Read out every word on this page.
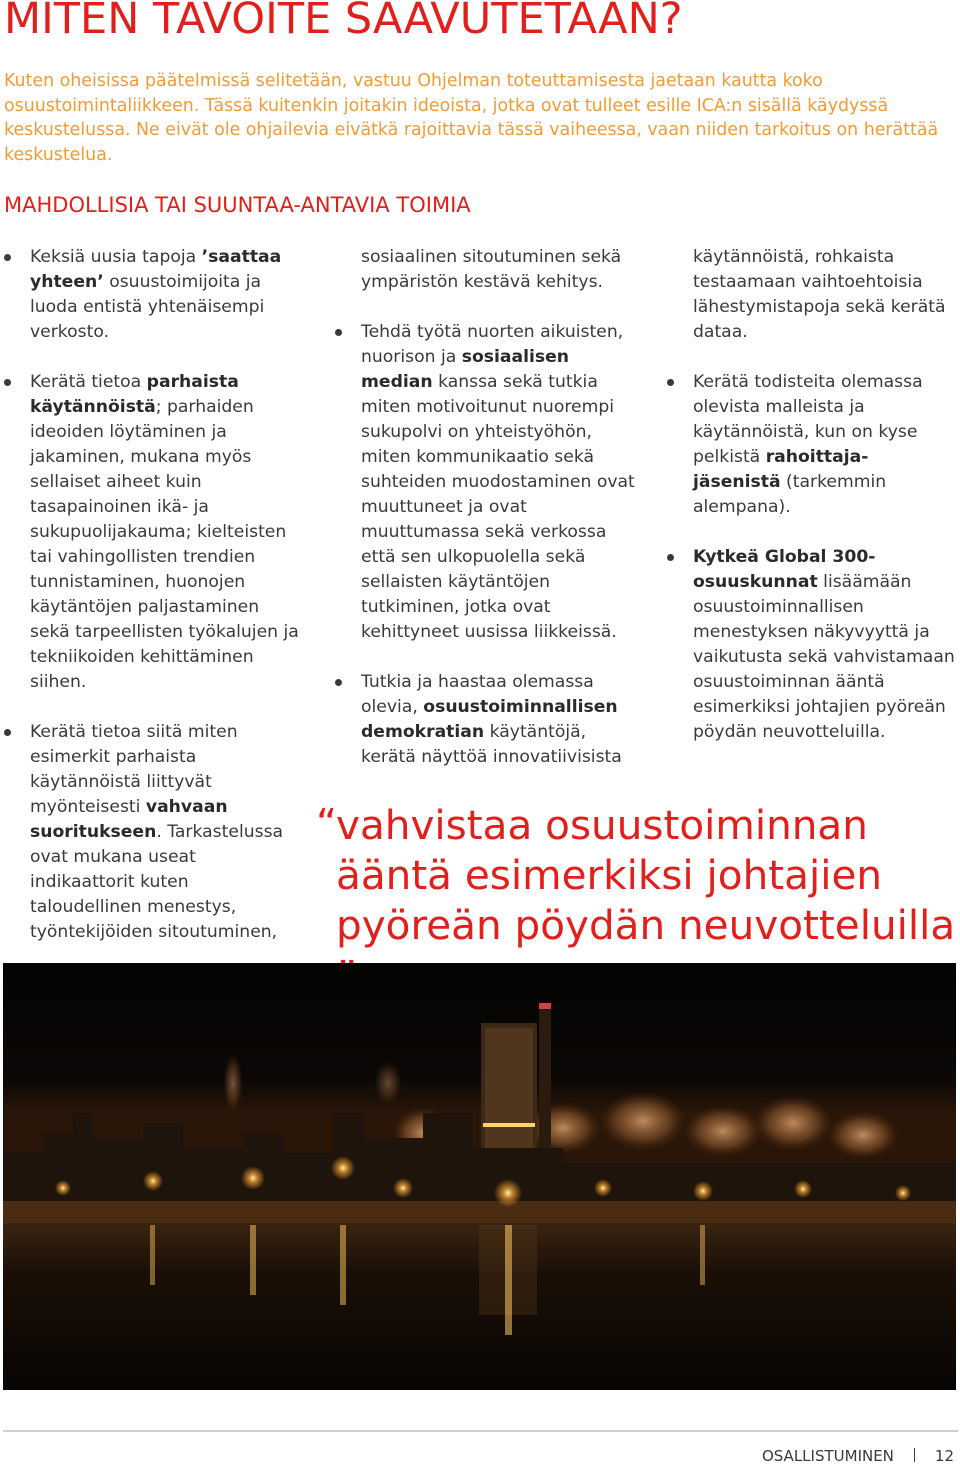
MITEN TAVOITE SAAVUTETAAN?

Kuten oheisissa päätelmissä selitetään, vastuu Ohjelman toteuttamisesta jaetaan kautta koko osuustoimintaliikkeen. Tässä kuitenkin joitakin ideoista, jotka ovat tulleet esille ICA:n sisällä käydyssä keskustelussa. Ne eivät ole ohjailevia eivätkä rajoittavia tässä vaiheessa, vaan niiden tarkoitus on herättää keskustelua.

MAHDOLLISIA TAI SUUNTAA-ANTAVIA TOIMIA
Keksiä uusia tapoja ’saattaa yhteen’ osuustoimijoita ja luoda entistä yhtenäisempi verkosto.
Kerätä tietoa parhaista käytännöistä; parhaiden ideoiden löytäminen ja jakaminen, mukana myös sellaiset aiheet kuin tasapainoinen ikä- ja sukupuolijakauma; kielteisten tai vahingollisten trendien tunnistaminen, huonojen käytäntöjen paljastaminen sekä tarpeellisten työkalujen ja tekniikoiden kehittäminen siihen.
Kerätä tietoa siitä miten esimerkit parhaista käytännöistä liittyvät myönteisesti vahvaan suoritukseen. Tarkastelussa ovat mukana useat indikaattorit kuten taloudellinen menestys, työntekijöiden sitoutuminen,
sosiaalinen sitoutuminen sekä ympäristön kestävä kehitys.
Tehdä työtä nuorten aikuisten, nuorison ja sosiaalisen median kanssa sekä tutkia miten motivoitunut nuorempi sukupolvi on yhteistyöhön, miten kommunikaatio sekä suhteiden muodostaminen ovat muuttuneet ja ovat muuttumassa sekä verkossa että sen ulkopuolella sekä sellaisten käytäntöjen tutkiminen, jotka ovat kehittyneet uusissa liikkeissä.
Tutkia ja haastaa olemassa olevia, osuustoiminnallisen demokratian käytäntöjä, kerätä näyttöä innovatiivisista
käytännöistä, rohkaista testaamaan vaihtoehtoisia lähestymistapoja sekä kerätä dataa.
Kerätä todisteita olemassa olevista malleista ja käytännöistä, kun on kyse pelkistä rahoittaja- jäsenistä (tarkemmin alempana).
Kytkeä Global 300-osuuskunnat lisäämään osuustoiminnallisen menestyksen näkyvyyttä ja vaikutusta sekä vahvistamaan osuustoiminnan ääntä esimerkiksi johtajien pyöreän pöydän neuvotteluilla.
“ vahvistaa osuustoiminnan ääntä esimerkiksi johtajien pyöreän pöydän neuvotteluilla
OSALLISTUMINEN	12
